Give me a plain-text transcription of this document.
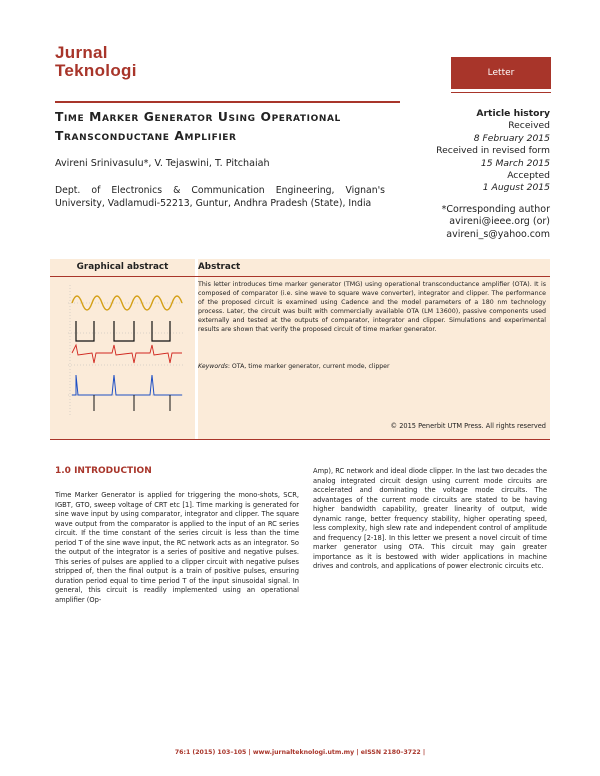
Jurnal
Teknologi	Letter
Time Marker Generator Using Operational
Transconductane Amplifier
Avireni Srinivasulu*, V. Tejaswini, T. Pitchaiah
Dept. of Electronics & Communication Engineering, Vignan's University, Vadlamudi-52213, Guntur, Andhra Pradesh (State), India
Article history
Received
8 February 2015
Received in revised form
15 March 2015
Accepted
1 August 2015
*Corresponding author
avireni@ieee.org (or)
avireni_s@yahoo.com
Graphical abstract	Abstract
This letter introduces time marker generator (TMG) using operational transconductance amplifier (OTA). It is composed of comparator (i.e. sine wave to square wave converter), integrator and clipper. The performance of the proposed circuit is examined using Cadence and the model parameters of a 180 nm technology process. Later, the circuit was built with commercially available OTA (LM 13600), passive components used externally and tested at the outputs of comparator, integrator and clipper. Simulations and experimental results are shown that verify the proposed circuit of time marker generator.
Keywords: OTA, time marker generator, current mode, clipper
© 2015 Penerbit UTM Press. All rights reserved
1.0 INTRODUCTION
Time Marker Generator is applied for triggering the mono-shots, SCR, IGBT, GTO, sweep voltage of CRT etc [1]. Time marking is generated for sine wave input by using comparator, integrator and clipper. The square wave output from the comparator is applied to the input of an RC series circuit. If the time constant of the series circuit is less than the time period T of the sine wave input, the RC network acts as an integrator. So the output of the integrator is a series of positive and negative pulses. This series of pulses are applied to a clipper circuit with negative pulses stripped of, then the final output is a train of positive pulses, ensuring duration period equal to time period T of the input sinusoidal signal. In general, this circuit is readily implemented using an operational amplifier (Op-
Amp), RC network and ideal diode clipper. In the last two decades the analog integrated circuit design using current mode circuits are accelerated and dominating the voltage mode circuits. The advantages of the current mode circuits are stated to be having higher bandwidth capability, greater linearity of output, wide dynamic range, better frequency stability, higher operating speed, less complexity, high slew rate and independent control of amplitude and frequency [2-18]. In this letter we present a novel circuit of time marker generator using OTA. This circuit may gain greater importance as it is bestowed with wider applications in machine drives and controls, and applications of power electronic circuits etc.
76:1 (2015) 103–105 | www.jurnalteknologi.utm.my | eISSN 2180–3722 |
